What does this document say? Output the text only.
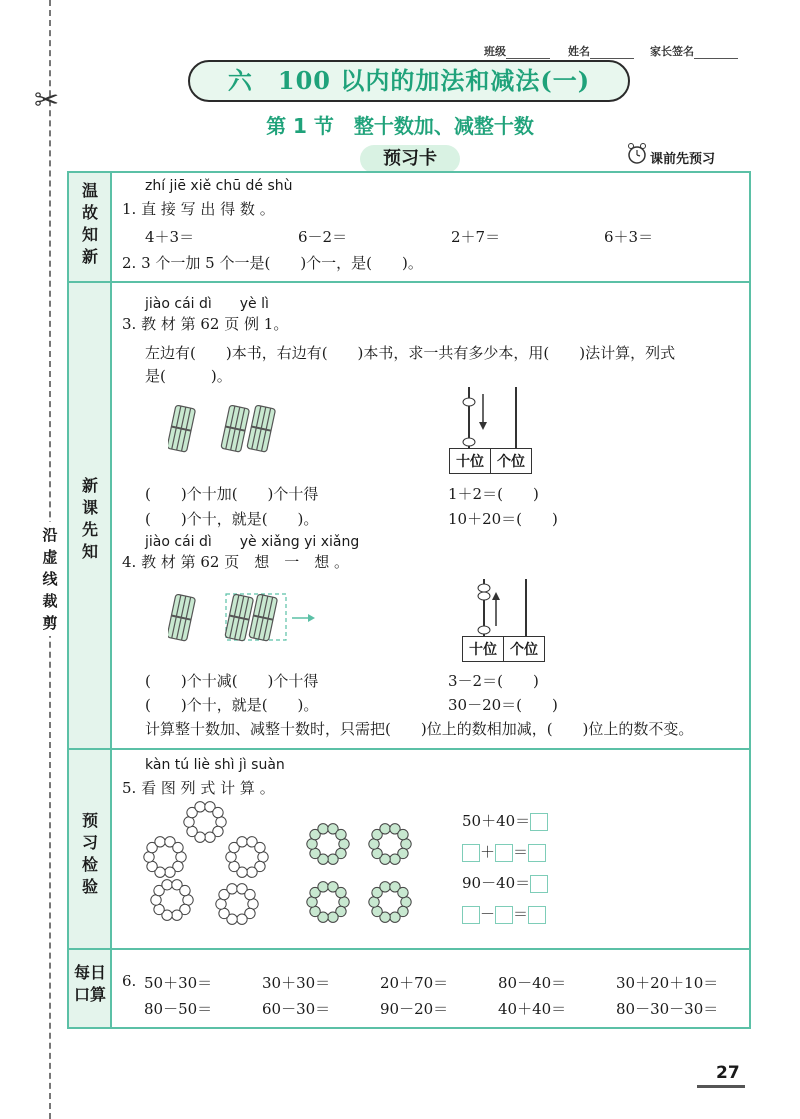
✂
沿虚线裁剪
班级	姓名	家长签名
六　100 以内的加法和减法(一)
第 1 节　整十数加、减整十数
预习卡	课前先预习
温故知新
新课先知
预习检验
每日口算
zhí jiē xiě chū dé shù
1. 直 接 写 出 得 数 。
4＋3＝	6－2＝	2＋7＝	6＋3＝
2. 3 个一加 5 个一是(　　)个一，是(　　)。
jiào cái dì　　yè lì
3. 教 材 第 62 页 例 1。
左边有(　　)本书，右边有(　　)本书，求一共有多少本，用(　　)法计算，列式
是(　　　)。
十位	个位
(　　)个十加(　　)个十得
(　　)个十，就是(　　)。
1＋2＝(　　)
10＋20＝(　　)
jiào cái dì　　yè xiǎng yi xiǎng
4. 教 材 第 62 页　想　一　想 。
十位	个位
(　　)个十减(　　)个十得
(　　)个十，就是(　　)。
3－2＝(　　)
30－20＝(　　)
计算整十数加、减整十数时，只需把(　　)位上的数相加减，(　　)位上的数不变。
kàn tú liè shì jì suàn
5. 看 图 列 式 计 算 。
50＋40＝
＋ ＝
90－40＝
－ ＝
6. 50＋30＝	30＋30＝	20＋70＝	80－40＝	30＋20＋10＝
80－50＝	60－30＝	90－20＝	40＋40＝	80－30－30＝
27
